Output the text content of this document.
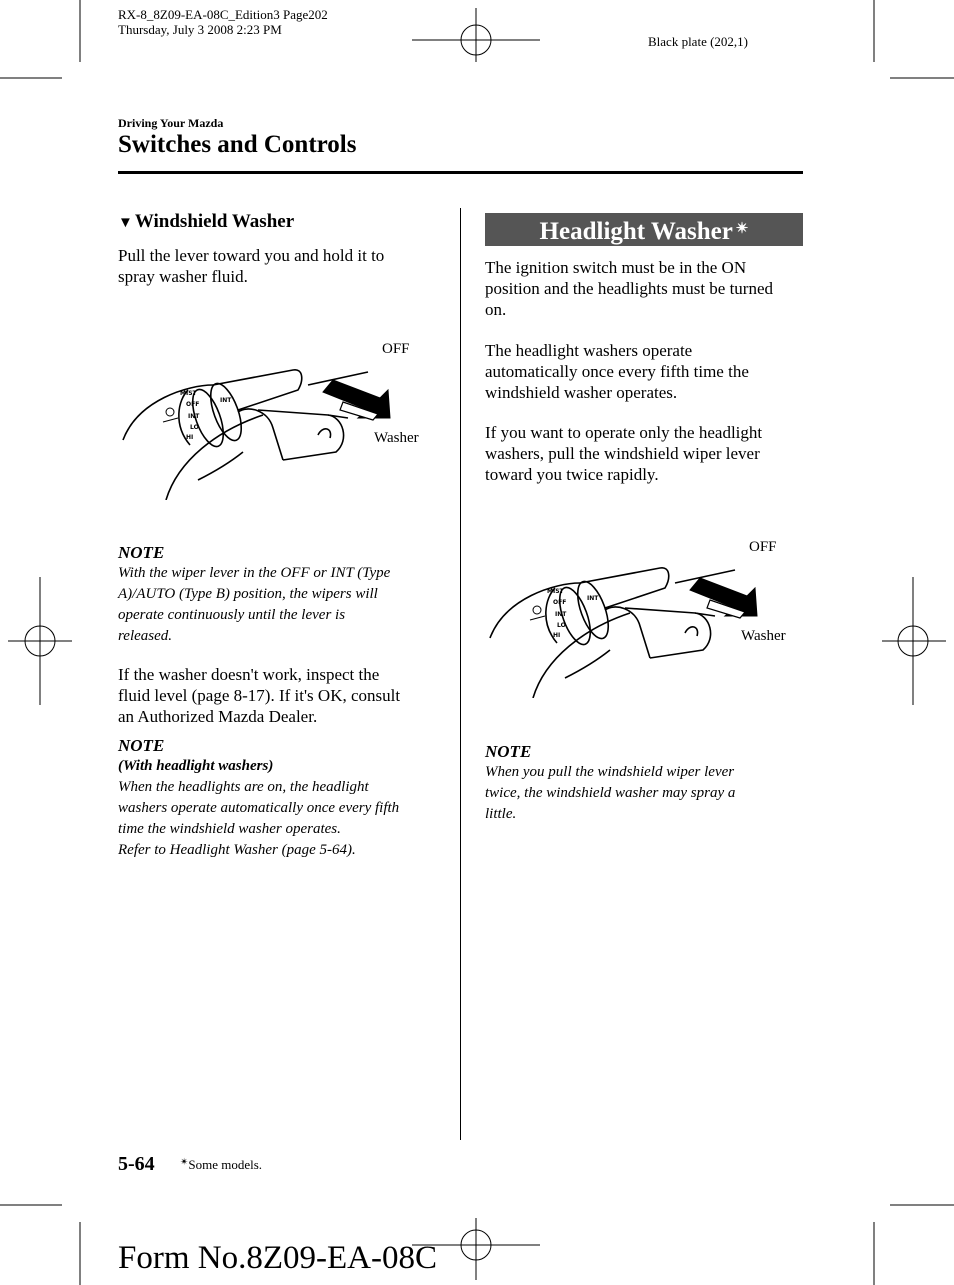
RX-8_8Z09-EA-08C_Edition3 Page202
Thursday, July 3 2008 2:23 PM
Black plate (202,1)
Driving Your Mazda
Switches and Controls
▼ Windshield Washer

Pull the lever toward you and hold it to

spray washer fluid.

MIST
OFF
INT
LO
HI
INT
OFF
Washer

NOTE

With the wiper lever in the OFF or INT (Type

A)/AUTO (Type B) position, the wipers will

operate continuously until the lever is

released.

If the washer doesn't work, inspect the

fluid level (page 8-17). If it's OK, consult

an Authorized Mazda Dealer.

NOTE

(With headlight washers)

When the headlights are on, the headlight

washers operate automatically once every fifth

time the windshield washer operates.

Refer to Headlight Washer (page 5-64).

Headlight Washer ✴

The ignition switch must be in the ON

position and the headlights must be turned

on.

The headlight washers operate

automatically once every fifth time the

windshield washer operates.

If you want to operate only the headlight

washers, pull the windshield wiper lever

toward you twice rapidly.

MIST
OFF
INT
LO
HI
INT
OFF
Washer

NOTE

When you pull the windshield wiper lever

twice, the windshield washer may spray a

little.

5-64	✴Some models.
Form No.8Z09-EA-08C
